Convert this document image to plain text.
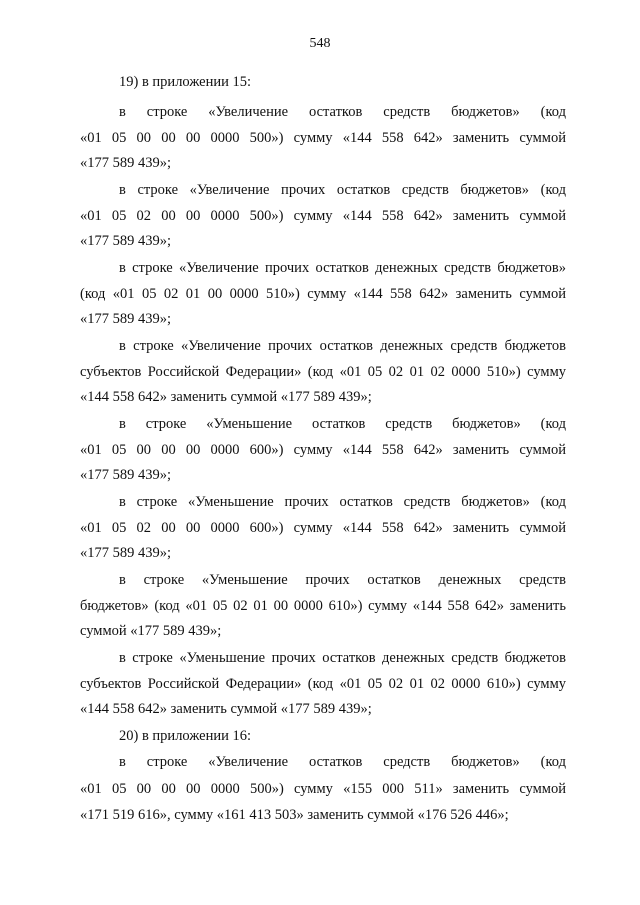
548
19) в приложении 15:
в строке «Увеличение остатков средств бюджетов» (код
«01 05 00 00 00 0000 500») сумму «144 558 642» заменить суммой
«177 589 439»;
в строке «Увеличение прочих остатков средств бюджетов» (код
«01 05 02 00 00 0000 500») сумму «144 558 642» заменить суммой
«177 589 439»;
в строке «Увеличение прочих остатков денежных средств бюджетов»
(код «01 05 02 01 00 0000 510») сумму «144 558 642» заменить суммой
«177 589 439»;
в строке «Увеличение прочих остатков денежных средств бюджетов
субъектов Российской Федерации» (код «01 05 02 01 02 0000 510») сумму
«144 558 642» заменить суммой «177 589 439»;
в строке «Уменьшение остатков средств бюджетов» (код
«01 05 00 00 00 0000 600») сумму «144 558 642» заменить суммой
«177 589 439»;
в строке «Уменьшение прочих остатков средств бюджетов» (код
«01 05 02 00 00 0000 600») сумму «144 558 642» заменить суммой
«177 589 439»;
в строке «Уменьшение прочих остатков денежных средств
бюджетов» (код «01 05 02 01 00 0000 610») сумму «144 558 642» заменить
суммой «177 589 439»;
в строке «Уменьшение прочих остатков денежных средств бюджетов
субъектов Российской Федерации» (код «01 05 02 01 02 0000 610») сумму
«144 558 642» заменить суммой «177 589 439»;
20) в приложении 16:
в строке «Увеличение остатков средств бюджетов» (код
«01 05 00 00 00 0000 500») сумму «155 000 511» заменить суммой
«171 519 616», сумму «161 413 503» заменить суммой «176 526 446»;
